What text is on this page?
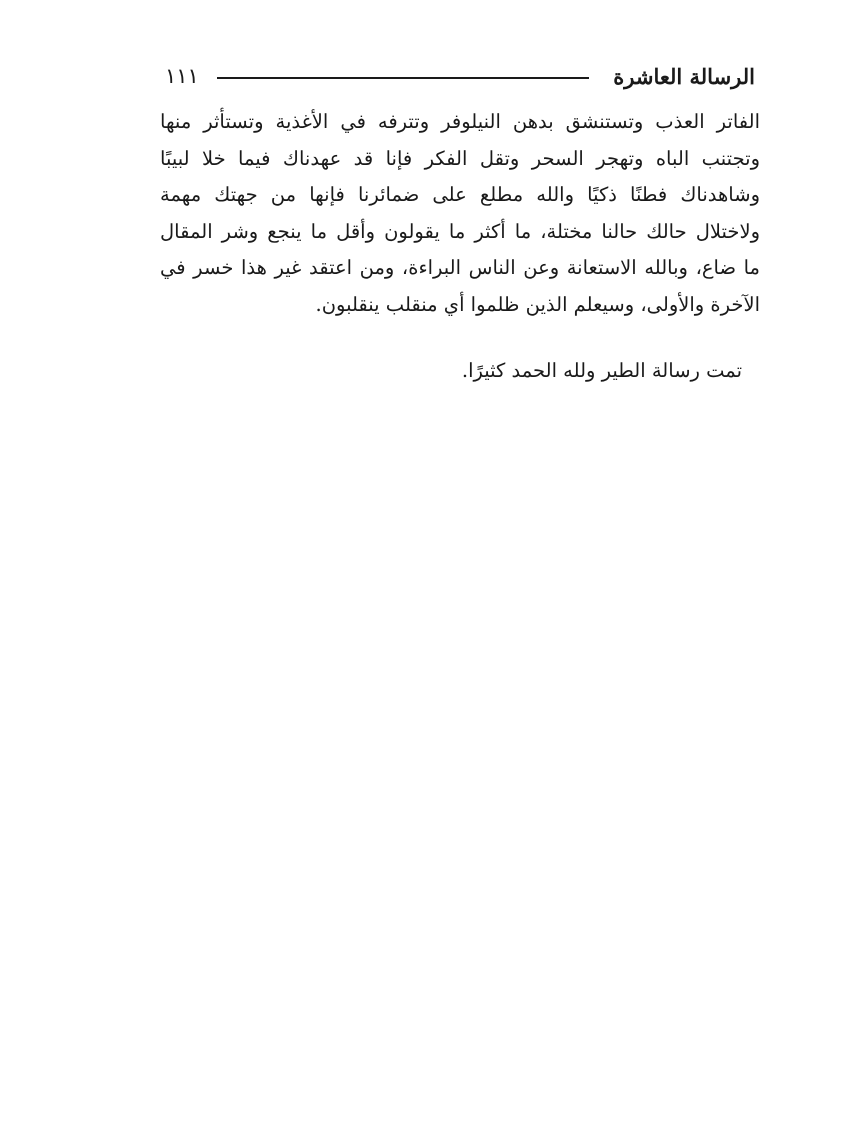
الرسالة العاشرة
١١١
الفاتر العذب وتستنشق بدهن النيلوفر وتترفه في الأغذية وتستأثر منها
وتجتنب الباه وتهجر السحر وتقل الفكر فإنا قد عهدناك فيما خلا لبيبًا
وشاهدناك فطنًا ذكيًا والله مطلع على ضمائرنا فإنها من جهتك مهمة
ولاختلال حالك حالنا مختلة، ما أكثر ما يقولون وأقل ما ينجع وشر المقال
ما ضاع، وبالله الاستعانة وعن الناس البراءة، ومن اعتقد غير هذا خسر في
الآخرة والأولى، وسيعلم الذين ظلموا أي منقلب ينقلبون.
تمت رسالة الطير ولله الحمد كثيرًا.
